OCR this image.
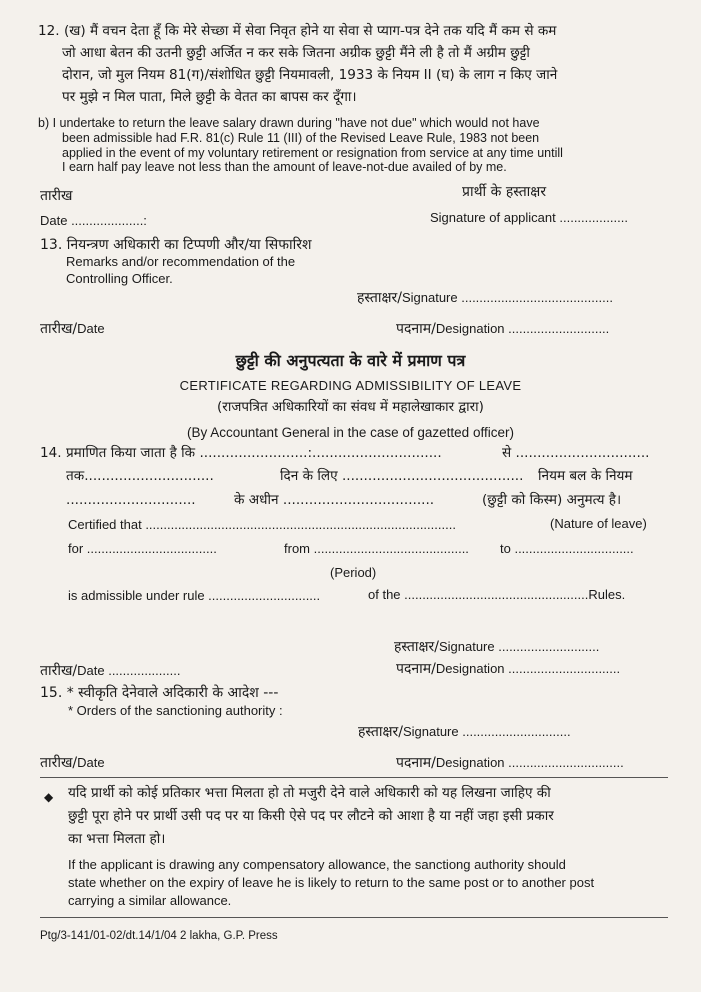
12. (ख) मैं वचन देता हूँ कि मेरे सेच्छा में सेवा निवृत होने या सेवा से प्याग-पत्र देने तक यदि मैं कम से कम
जो आधा बेतन की उतनी छुट्टी अर्जित न कर सके जितना अग्रीक छुट्टी मैंने ली है तो मैं अग्रीम छुट्टी
दोरान, जो मुल नियम 81(ग)/संशोधित छुट्टी नियमावली, 1933 के नियम II (घ) के लाग न किए जाने
पर मुझे न मिल पाता, मिले छुट्टी के वेतत का बापस कर दूँगा।
b) I undertake to return the leave salary drawn during "have not due" which would not have
been admissible had F.R. 81(c) Rule 11 (III) of the Revised Leave Rule, 1983 not been
applied in the event of my voluntary retirement or resignation from service at any time untill
I earn half pay leave not less than the amount of leave-not-due availed of by me.
तारीख	प्रार्थी के हस्ताक्षर
Date ....................:	Signature of applicant ...................
13. नियन्त्रण अधिकारी का टिप्पणी और/या सिफारिश
Remarks and/or recommendation of the
Controlling Officer.
हस्ताक्षर/Signature ..........................................
तारीख/Date	पदनाम/Designation ............................
छुट्टी की अनुपत्यता के वारे में प्रमाण पत्र
CERTIFICATE REGARDING ADMISSIBILITY OF LEAVE
(राजपत्रित अधिकारियों का संवध में महालेखाकार द्वारा)
(By Accountant General in the case of gazetted officer)
14. प्रमाणित किया जाता है कि .........................:..............................	से ...............................
तक..............................	दिन के लिए .......................................... नियम बल के नियम
..............................	के अधीन ...................................	(छुट्टी को किस्म) अनुमत्य है।
Certified that ......................................................................................	(Nature of leave)
for ....................................	from ........................................... to .................................
(Period)
is admissible under rule ...............................	of the ...................................................Rules.
हस्ताक्षर/Signature ............................
तारीख/Date ....................	पदनाम/Designation ...............................
15. * स्वीकृति देनेवाले अदिकारी के आदेश ---
* Orders of the sanctioning authority :
हस्ताक्षर/Signature ..............................
तारीख/Date	पदनाम/Designation ................................
◆ यदि प्रार्थी को कोई प्रतिकार भत्ता मिलता हो तो मजुरी देने वाले अधिकारी को यह लिखना जाहिए की
छुट्टी पूरा होने पर प्रार्थी उसी पद पर या किसी ऐसे पद पर लौटने को आशा है या नहीं जहा इसी प्रकार
का भत्ता मिलता हो।
If the applicant is drawing any compensatory allowance, the sanctiong authority should
state whether on the expiry of leave he is likely to return to the same post or to another post
carrying a similar allowance.
Ptg/3-141/01-02/dt.14/1/04 2 lakha, G.P. Press
